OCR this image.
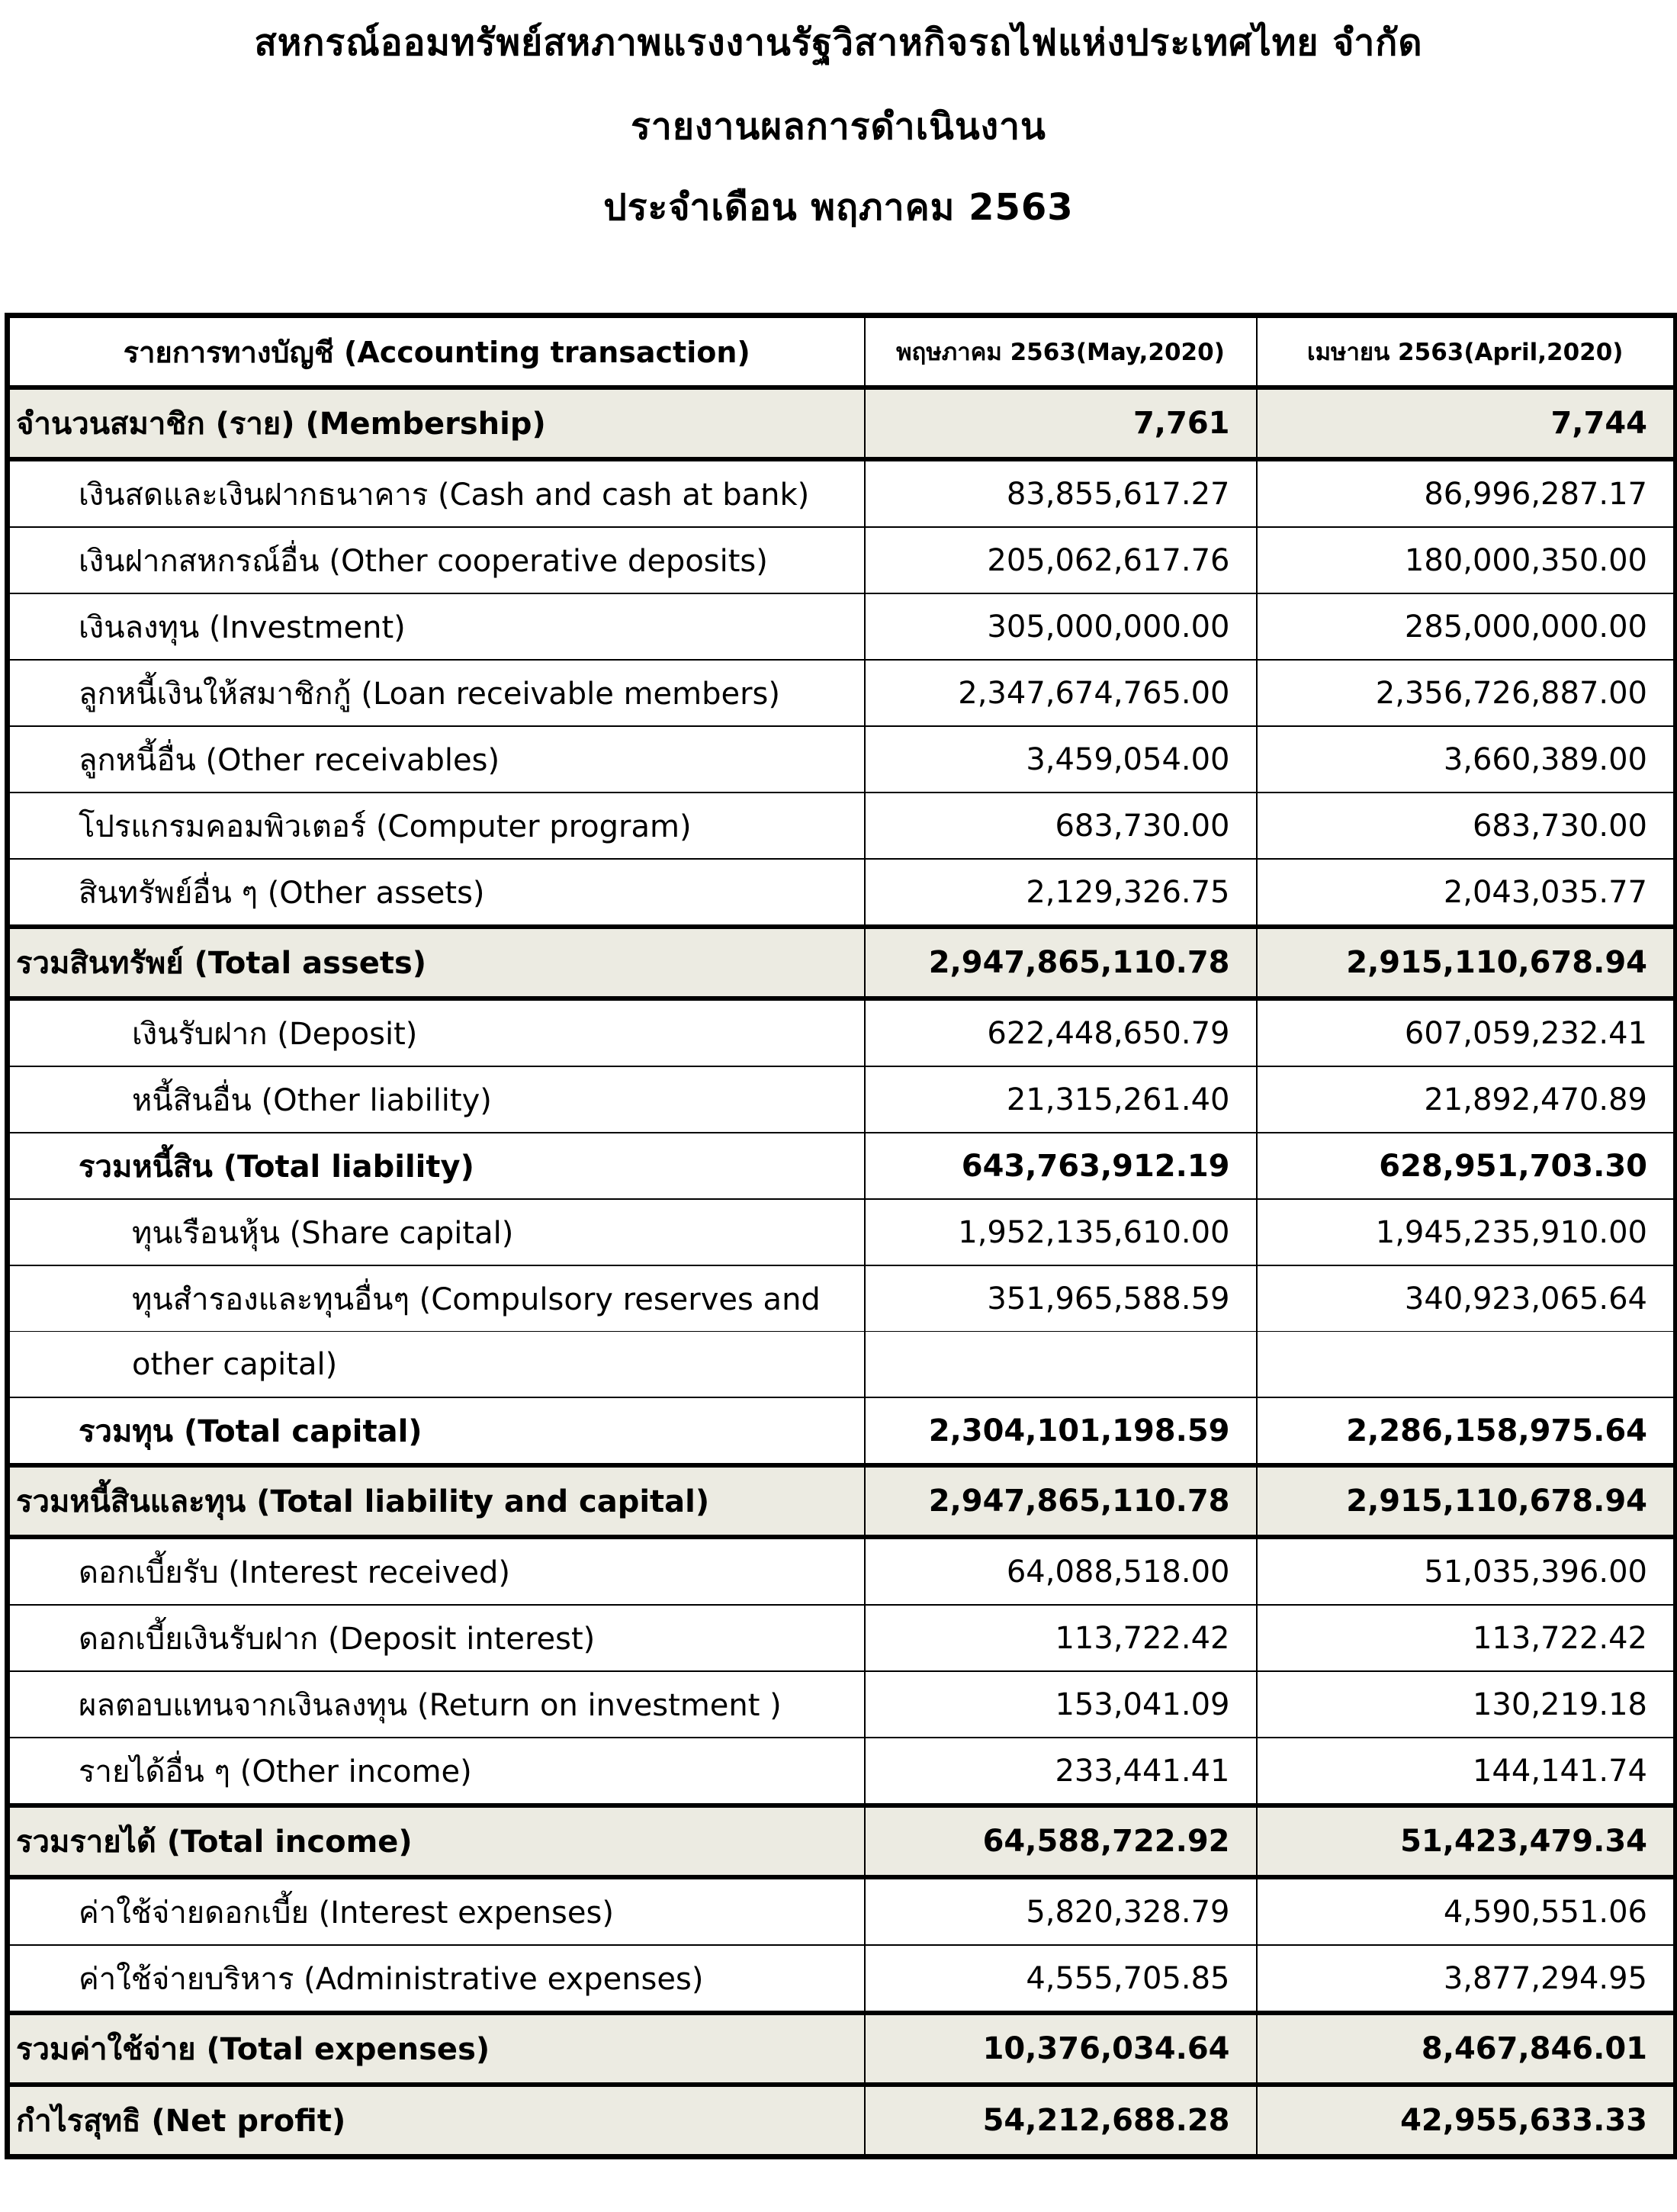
สหกรณ์ออมทรัพย์สหภาพแรงงานรัฐวิสาหกิจรถไฟแห่งประเทศไทย จำกัด
รายงานผลการดำเนินงาน
ประจำเดือน พฤภาคม 2563
รายการทางบัญชี (Accounting transaction)	พฤษภาคม 2563(May,2020)	เมษายน 2563(April,2020)
จำนวนสมาชิก (ราย) (Membership)	7,761	7,744
เงินสดและเงินฝากธนาคาร (Cash and cash at bank)	83,855,617.27	86,996,287.17
เงินฝากสหกรณ์อื่น (Other cooperative deposits)	205,062,617.76	180,000,350.00
เงินลงทุน (Investment)	305,000,000.00	285,000,000.00
ลูกหนี้เงินให้สมาชิกกู้ (Loan receivable members)	2,347,674,765.00	2,356,726,887.00
ลูกหนี้อื่น (Other receivables)	3,459,054.00	3,660,389.00
โปรแกรมคอมพิวเตอร์ (Computer program)	683,730.00	683,730.00
สินทรัพย์อื่น ๆ (Other assets)	2,129,326.75	2,043,035.77
รวมสินทรัพย์ (Total assets)	2,947,865,110.78	2,915,110,678.94
เงินรับฝาก (Deposit)	622,448,650.79	607,059,232.41
หนี้สินอื่น (Other liability)	21,315,261.40	21,892,470.89
รวมหนี้สิน (Total liability)	643,763,912.19	628,951,703.30
ทุนเรือนหุ้น (Share capital)	1,952,135,610.00	1,945,235,910.00
ทุนสำรองและทุนอื่นๆ (Compulsory reserves and	351,965,588.59	340,923,065.64
other capital)		
รวมทุน (Total capital)	2,304,101,198.59	2,286,158,975.64
รวมหนี้สินและทุน (Total liability and capital)	2,947,865,110.78	2,915,110,678.94
ดอกเบี้ยรับ (Interest received)	64,088,518.00	51,035,396.00
ดอกเบี้ยเงินรับฝาก (Deposit interest)	113,722.42	113,722.42
ผลตอบแทนจากเงินลงทุน (Return on investment )	153,041.09	130,219.18
รายได้อื่น ๆ (Other income)	233,441.41	144,141.74
รวมรายได้ (Total income)	64,588,722.92	51,423,479.34
ค่าใช้จ่ายดอกเบี้ย (Interest expenses)	5,820,328.79	4,590,551.06
ค่าใช้จ่ายบริหาร (Administrative expenses)	4,555,705.85	3,877,294.95
รวมค่าใช้จ่าย (Total expenses)	10,376,034.64	8,467,846.01
กำไรสุทธิ (Net profit)	54,212,688.28	42,955,633.33
